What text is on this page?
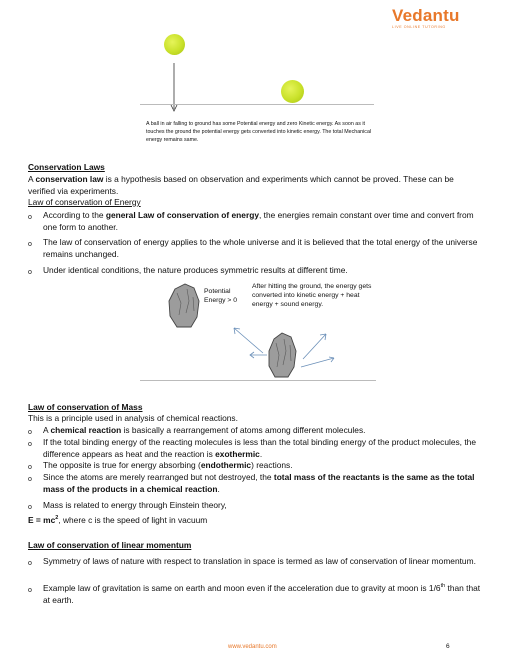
Vedantu
LIVE ONLINE TUTORING
A ball in air falling to ground has some Potential energy and zero Kinetic energy. As soon as it touches the ground the potential energy gets converted into kinetic energy. The total Mechanical energy remains same.
Conservation Laws
A conservation law is a hypothesis based on observation and experiments which cannot be proved. These can be verified via experiments.
Law of conservation of Energy
o According to the general Law of conservation of energy, the energies remain constant over time and convert from one form to another.
o The law of conservation of energy applies to the whole universe and it is believed that the total energy of the universe remains unchanged.
o Under identical conditions, the nature produces symmetric results at different time.
Potential Energy > 0
After hitting the ground, the energy gets converted into kinetic energy + heat energy + sound energy.
Law of conservation of Mass
This is a principle used in analysis of chemical reactions.
o A chemical reaction is basically a rearrangement of atoms among different molecules.
o If the total binding energy of the reacting molecules is less than the total binding energy of the product molecules, the difference appears as heat and the reaction is exothermic.
o The opposite is true for energy absorbing (endothermic) reactions.
o Since the atoms are merely rearranged but not destroyed, the total mass of the reactants is the same as the total mass of the products in a chemical reaction.
o Mass is related to energy through Einstein theory,
$E = mc^2$, where c is the speed of light in vacuum
Law of conservation of linear momentum
o Symmetry of laws of nature with respect to translation in space is termed as law of conservation of linear momentum.
o Example law of gravitation is same on earth and moon even if the acceleration due to gravity at moon is 1/6th than that at earth.
www.vedantu.com	6
